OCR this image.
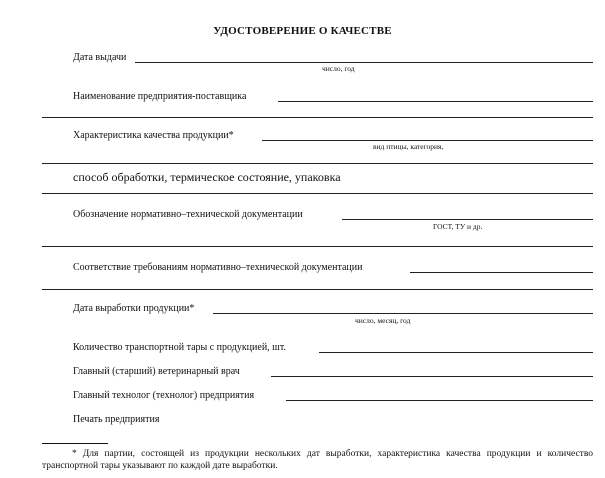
УДОСТОВЕРЕНИЕ О КАЧЕСТВЕ
Дата выдачи
число, год
Наименование предприятия-поставщика
Характеристика качества продукции*
вид птицы, категория,
способ обработки, термическое состояние, упаковка
Обозначение нормативно–технической документации
ГОСТ, ТУ и др.
Соответствие требованиям нормативно–технической документации
Дата выработки продукции*
число, месяц, год
Количество транспортной тары с продукцией, шт.
Главный (старший) ветеринарный врач
Главный технолог (технолог) предприятия
Печать предприятия
* Для партии, состоящей из продукции нескольких дат выработки, характеристика качества продукции и количество транспортной тары указывают по каждой дате выработки.
